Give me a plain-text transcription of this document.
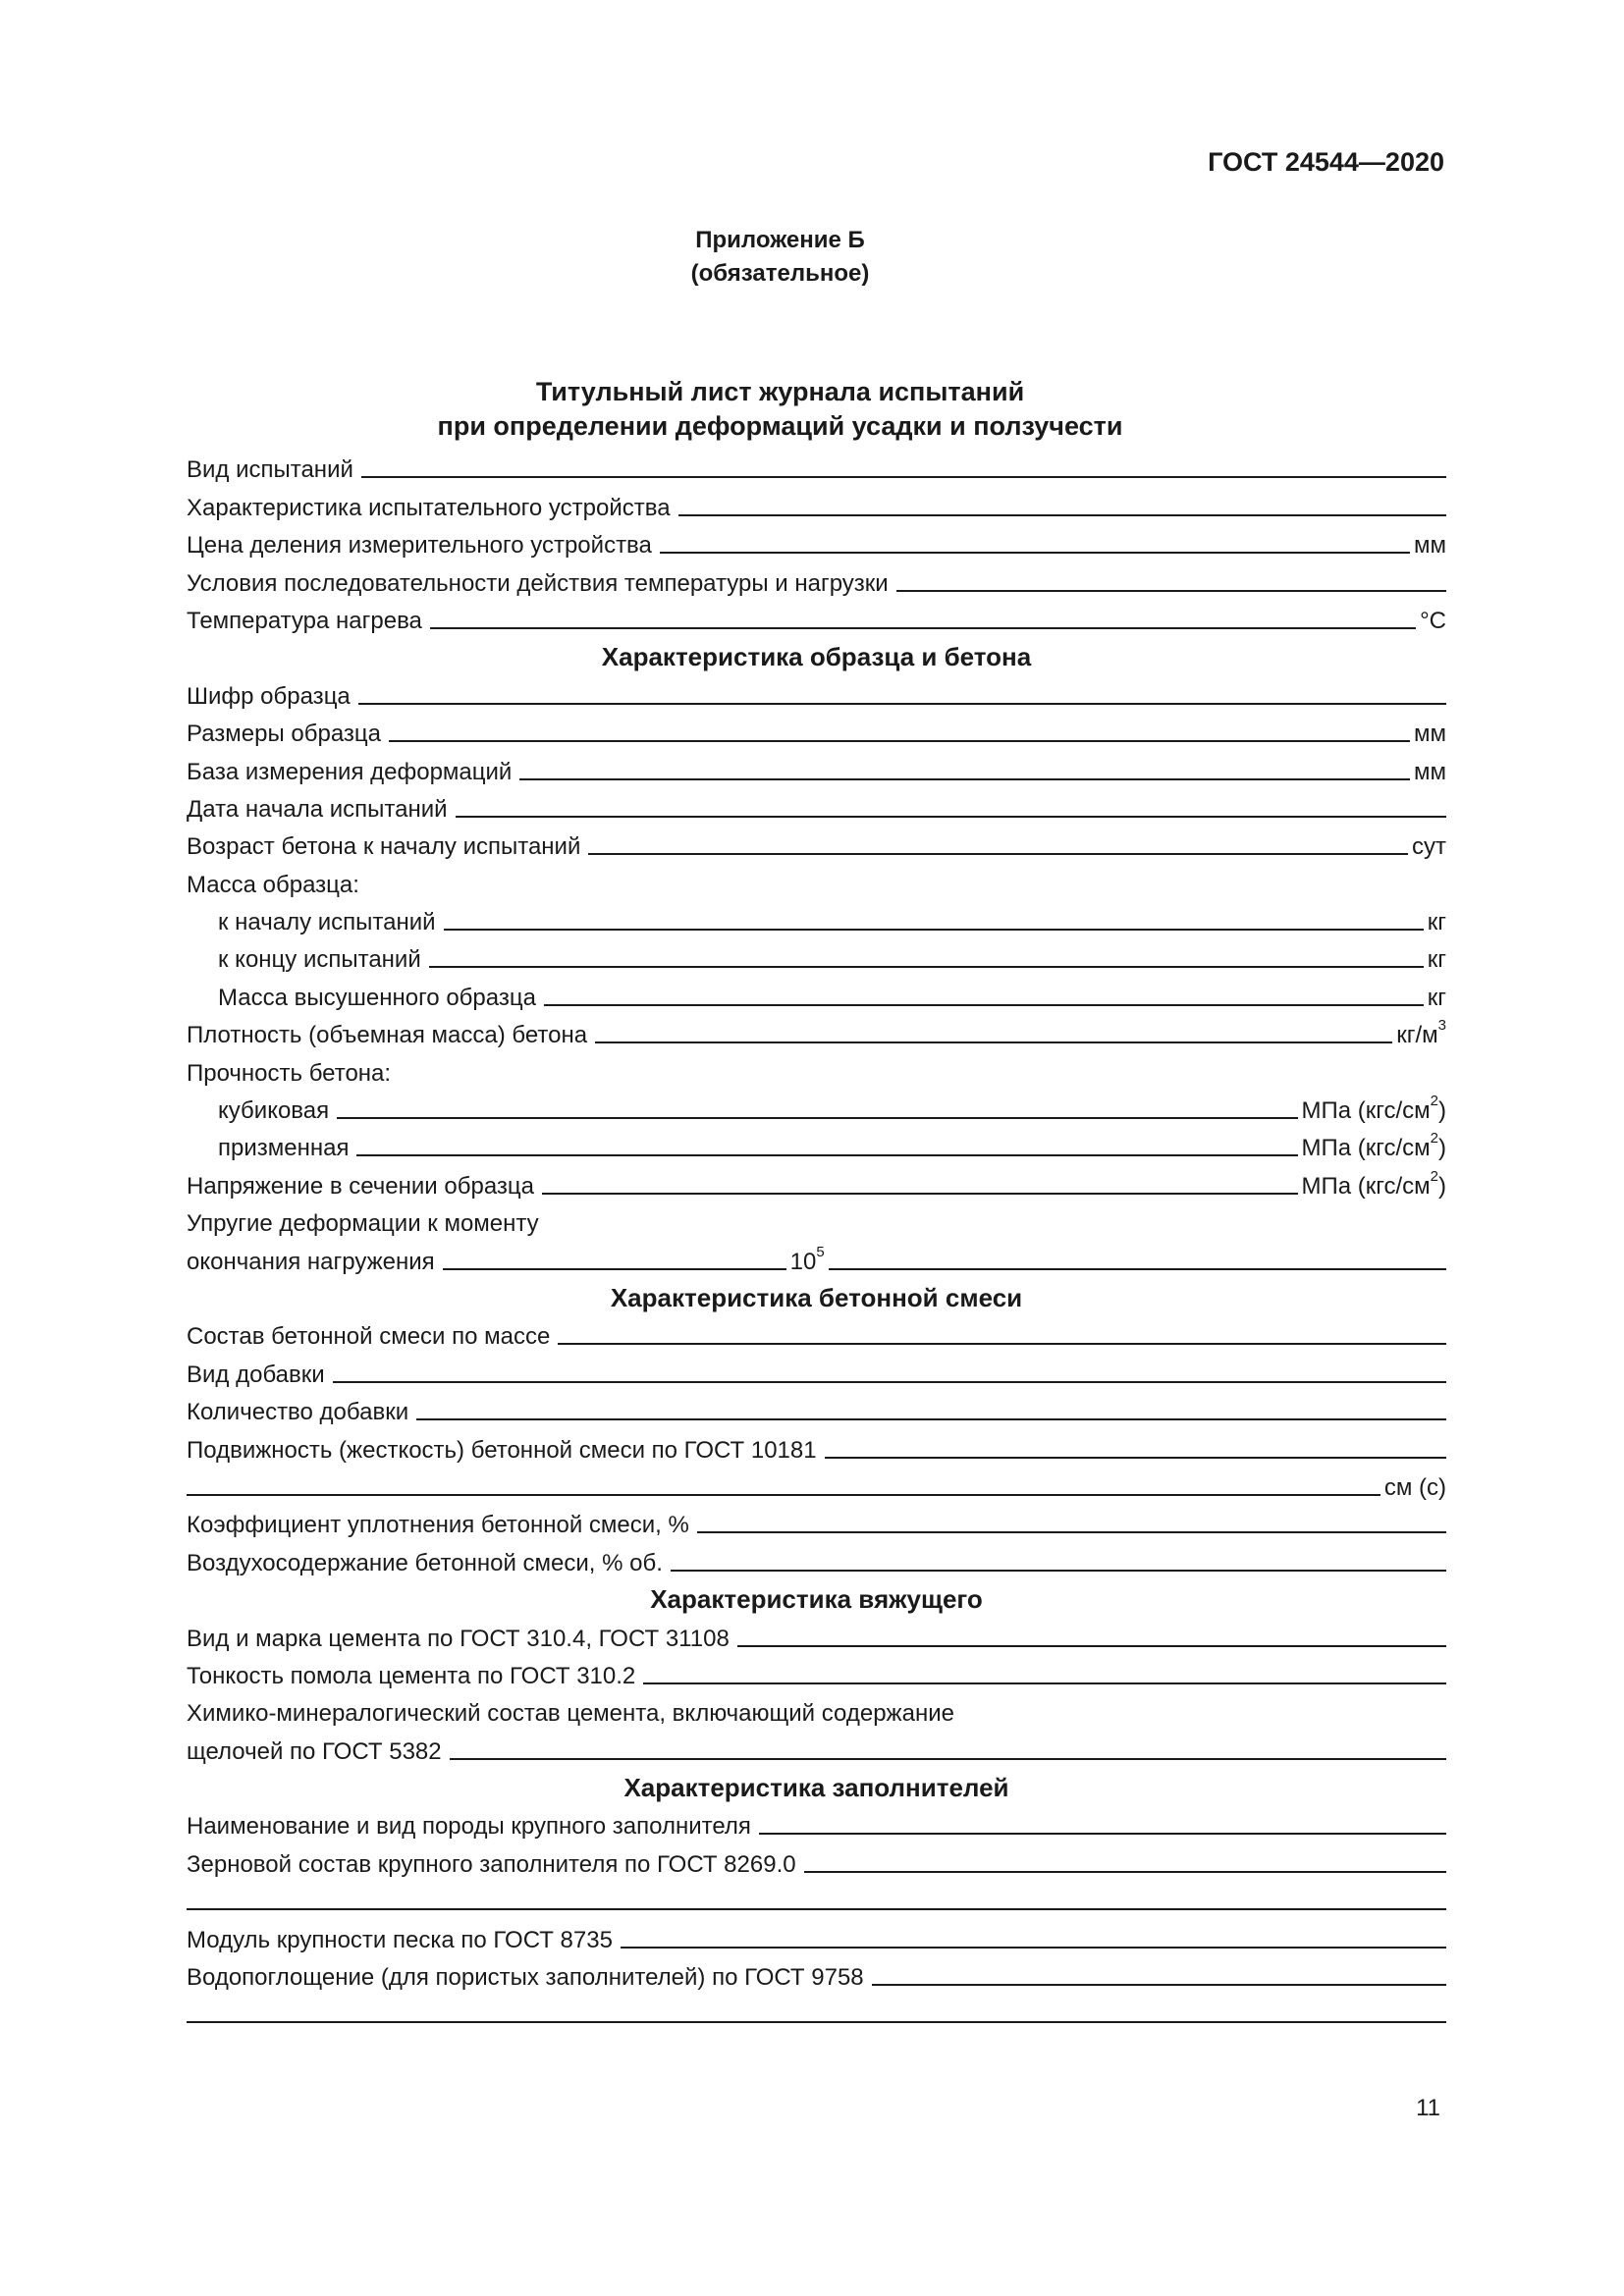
ГОСТ 24544—2020
Приложение Б
(обязательное)
Титульный лист журнала испытаний
при определении деформаций усадки и ползучести
Вид испытаний
Характеристика испытательного устройства
Цена деления измерительного устройства	мм
Условия последовательности действия температуры и нагрузки
Температура нагрева	°С
Характеристика образца и бетона
Шифр образца
Размеры образца	мм
База измерения деформаций	мм
Дата начала испытаний
Возраст бетона к началу испытаний	сут
Масса образца:
к началу испытаний	кг
к концу испытаний	кг
Масса высушенного образца	кг
Плотность (объемная масса) бетона	$кг/м^3$
Прочность бетона:
кубиковая	МПа $(кгс/см^2)$
призменная	МПа $(кгс/см^2)$
Напряжение в сечении образца	МПа $(кгс/см^2)$
Упругие деформации к моменту
окончания нагружения	$10^5$
Характеристика бетонной смеси
Состав бетонной смеси по массе
Вид добавки
Количество добавки
Подвижность (жесткость) бетонной смеси по ГОСТ 10181
см (с)
Коэффициент уплотнения бетонной смеси, %
Воздухосодержание бетонной смеси, % об.
Характеристика вяжущего
Вид и марка цемента по ГОСТ 310.4, ГОСТ 31108
Тонкость помола цемента по ГОСТ 310.2
Химико-минералогический состав цемента, включающий содержание
щелочей по ГОСТ 5382
Характеристика заполнителей
Наименование и вид породы крупного заполнителя
Зерновой состав крупного заполнителя по ГОСТ 8269.0
Модуль крупности песка по ГОСТ 8735
Водопоглощение (для пористых заполнителей) по ГОСТ 9758
11
